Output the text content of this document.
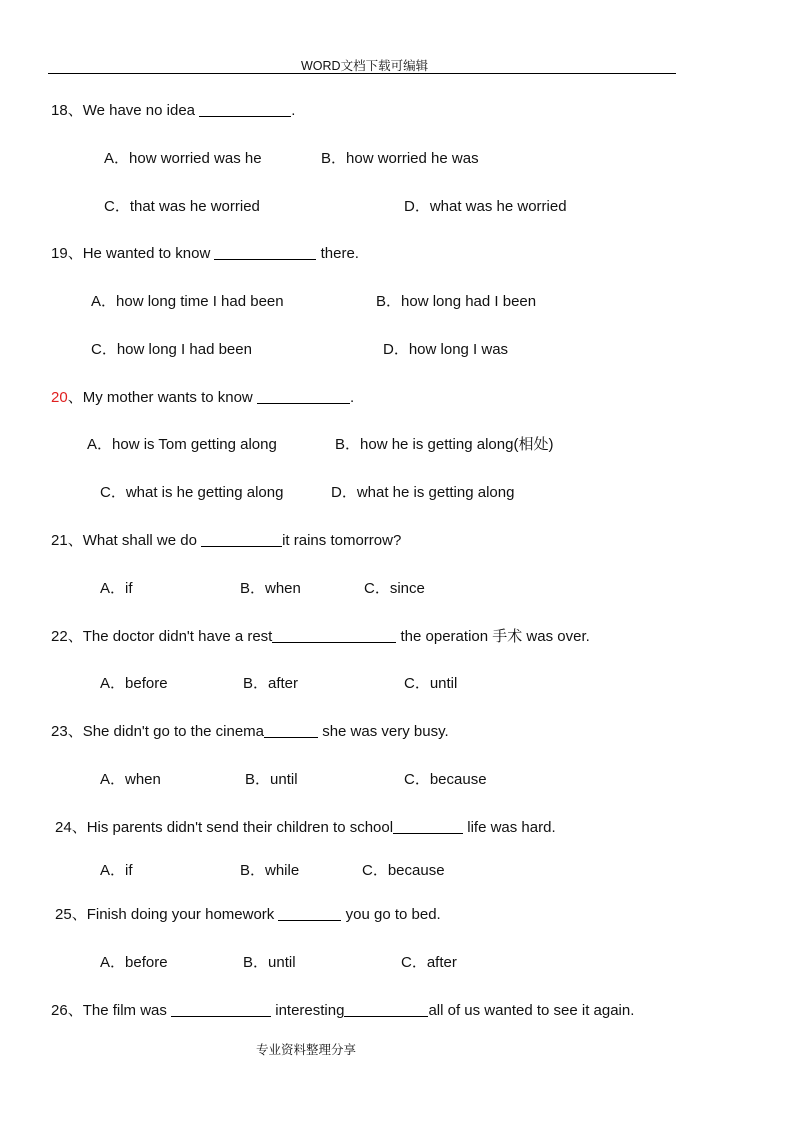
WORD文档下载可编辑
18、We have no idea	.
A．how worried was he	B．how worried he was
C．that was he worried	D．what was he worried
19、He wanted to know	there.
A．how long time I had been	B．how long had I been
C．how long I had been	D．how long I was
20、My mother wants to know	.
A．how is Tom getting along	B．how he is getting along(相处)
C．what is he getting along	D．what he is getting along
21、What shall we do	it rains tomorrow?
A．if	B．when	C．since
22、The doctor didn't have a rest	the operation 手术 was over.
A．before	B．after	C．until
23、She didn't go to the cinema	she was very busy.
A．when	B．until	C．because
24、His parents didn't send their children to school	life was hard.
A．if	B．while	C．because
25、Finish doing your homework	you go to bed.
A．before	B．until	C．after
26、The film was	interesting	all of us wanted to see it again.
专业资料整理分享
